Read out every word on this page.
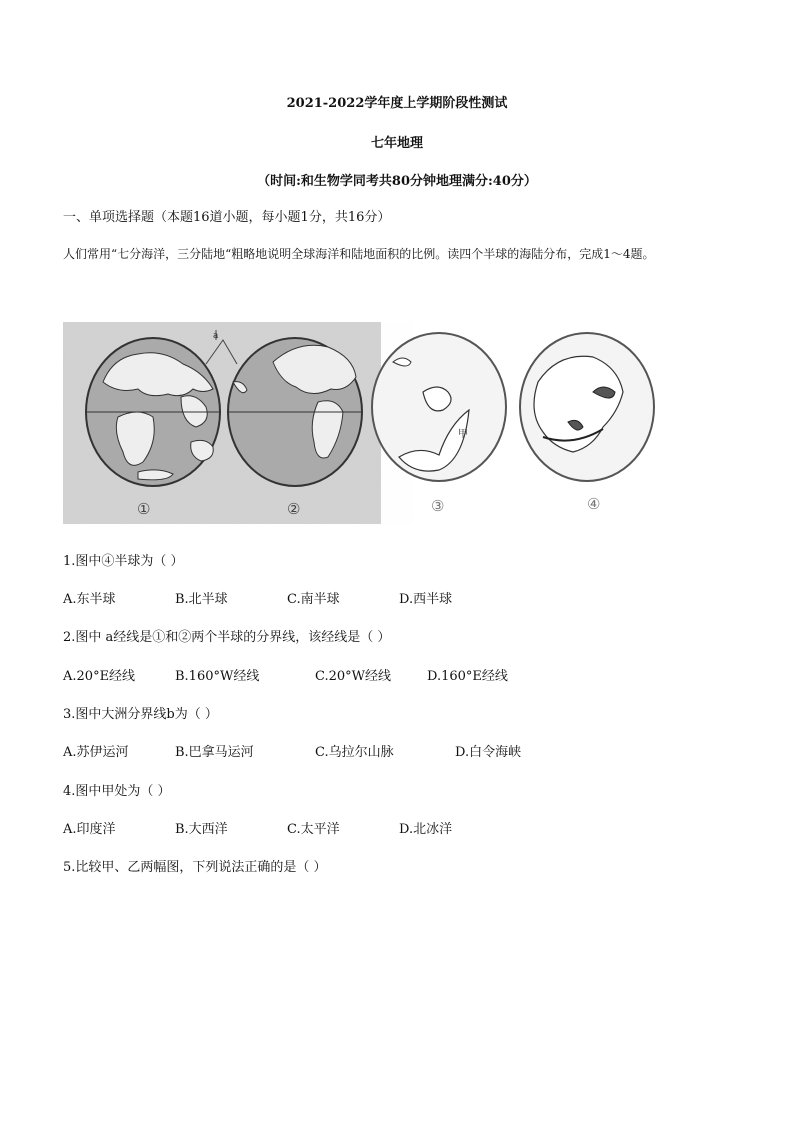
2021-2022学年度上学期阶段性测试
七年地理
（时间:和生物学同考共80分钟地理满分:40分）
一、单项选择题（本题16道小题，每小题1分，共16分）
人们常用“七分海洋，三分陆地“粗略地说明全球海洋和陆地面积的比例。读四个半球的海陆分布，完成1～4题。
a
甲
①	②	③	④
1.图中④半球为（ ）
A.东半球	B.北半球	C.南半球	D.西半球
2.图中 a经线是①和②两个半球的分界线，该经线是（ ）
A.20°E经线	B.160°W经线	C.20°W经线	D.160°E经线
3.图中大洲分界线b为（ ）
A.苏伊运河	B.巴拿马运河	C.乌拉尔山脉	D.白令海峡
4.图中甲处为（ ）
A.印度洋	B.大西洋	C.太平洋	D.北冰洋
5.比较甲、乙两幅图，下列说法正确的是（ ）
